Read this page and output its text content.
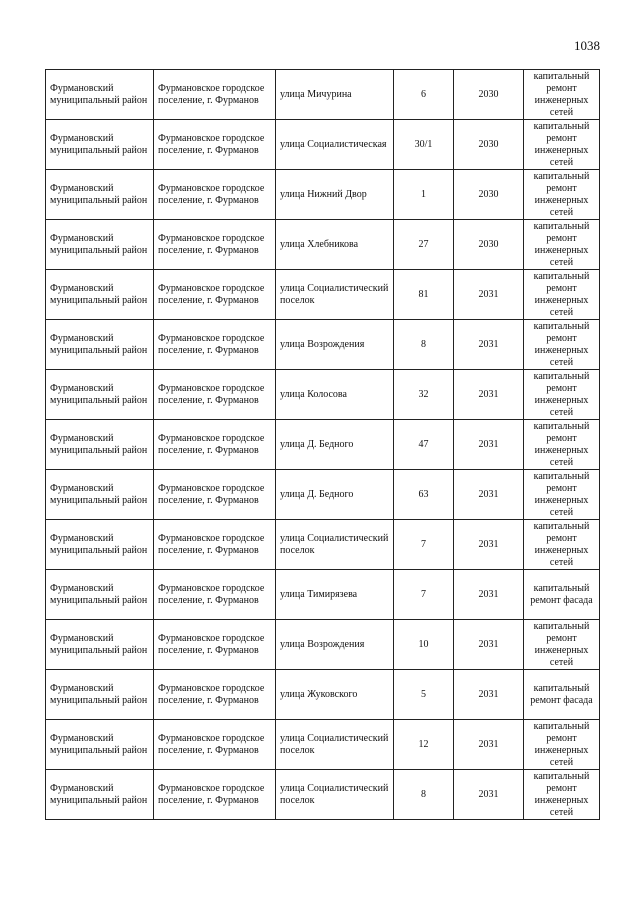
1038
Фурмановский муниципальный район	Фурмановское городское поселение, г. Фурманов	улица Мичурина	6	2030	капитальный ремонт инженерных сетей
Фурмановский муниципальный район	Фурмановское городское поселение, г. Фурманов	улица Социалистическая	30/1	2030	капитальный ремонт инженерных сетей
Фурмановский муниципальный район	Фурмановское городское поселение, г. Фурманов	улица Нижний Двор	1	2030	капитальный ремонт инженерных сетей
Фурмановский муниципальный район	Фурмановское городское поселение, г. Фурманов	улица Хлебникова	27	2030	капитальный ремонт инженерных сетей
Фурмановский муниципальный район	Фурмановское городское поселение, г. Фурманов	улица Социалистический поселок	81	2031	капитальный ремонт инженерных сетей
Фурмановский муниципальный район	Фурмановское городское поселение, г. Фурманов	улица Возрождения	8	2031	капитальный ремонт инженерных сетей
Фурмановский муниципальный район	Фурмановское городское поселение, г. Фурманов	улица Колосова	32	2031	капитальный ремонт инженерных сетей
Фурмановский муниципальный район	Фурмановское городское поселение, г. Фурманов	улица Д. Бедного	47	2031	капитальный ремонт инженерных сетей
Фурмановский муниципальный район	Фурмановское городское поселение, г. Фурманов	улица Д. Бедного	63	2031	капитальный ремонт инженерных сетей
Фурмановский муниципальный район	Фурмановское городское поселение, г. Фурманов	улица Социалистический поселок	7	2031	капитальный ремонт инженерных сетей
Фурмановский муниципальный район	Фурмановское городское поселение, г. Фурманов	улица Тимирязева	7	2031	капитальный ремонт фасада
Фурмановский муниципальный район	Фурмановское городское поселение, г. Фурманов	улица Возрождения	10	2031	капитальный ремонт инженерных сетей
Фурмановский муниципальный район	Фурмановское городское поселение, г. Фурманов	улица Жуковского	5	2031	капитальный ремонт фасада
Фурмановский муниципальный район	Фурмановское городское поселение, г. Фурманов	улица Социалистический поселок	12	2031	капитальный ремонт инженерных сетей
Фурмановский муниципальный район	Фурмановское городское поселение, г. Фурманов	улица Социалистический поселок	8	2031	капитальный ремонт инженерных сетей
